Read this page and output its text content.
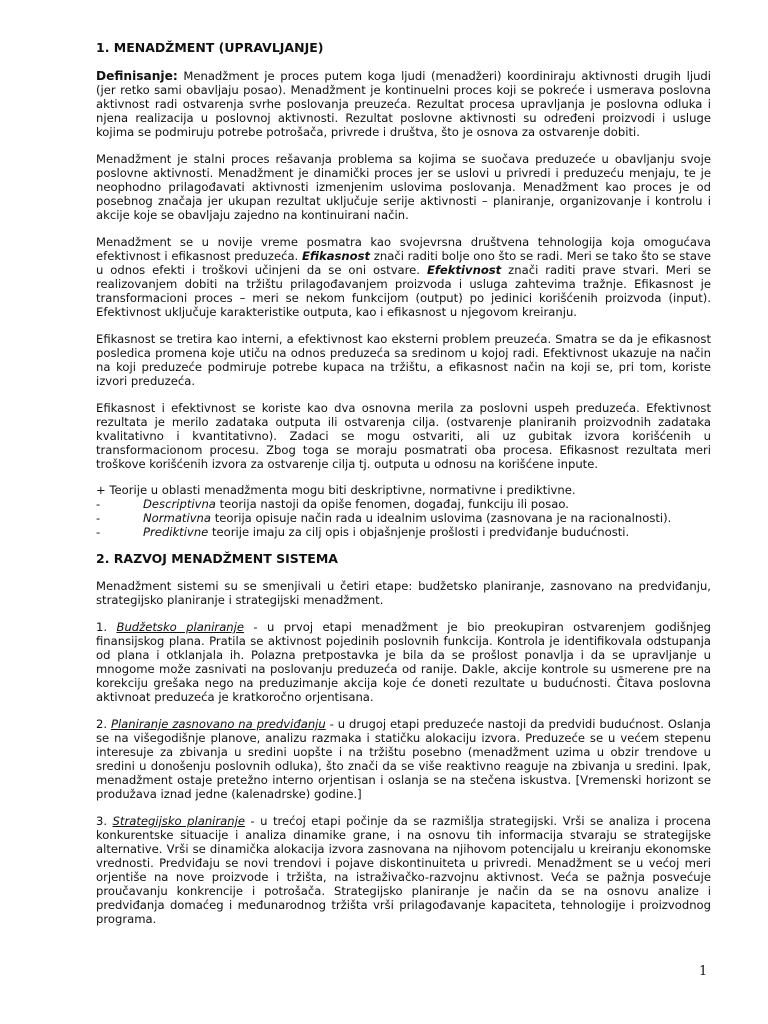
1. MENADŽMENT (UPRAVLJANJE)

Definisanje: Menadžment je proces putem koga ljudi (menadžeri) koordiniraju aktivnosti drugih ljudi (jer retko sami obavljaju posao). Menadžment je kontinuelni proces koji se pokreće i usmerava poslovna aktivnost radi ostvarenja svrhe poslovanja preuzeća. Rezultat procesa upravljanja je poslovna odluka i njena realizacija u poslovnoj aktivnosti. Rezultat poslovne aktivnosti su određeni proizvodi i usluge kojima se podmiruju potrebe potrošača, privrede i društva, što je osnova za ostvarenje dobiti.

Menadžment je stalni proces rešavanja problema sa kojima se suočava preduzeće u obavljanju svoje poslovne aktivnosti. Menadžment je dinamički proces jer se uslovi u privredi i preduzeću menjaju, te je neophodno prilagođavati aktivnosti izmenjenim uslovima poslovanja. Menadžment kao proces je od posebnog značaja jer ukupan rezultat uključuje serije aktivnosti – planiranje, organizovanje i kontrolu i akcije koje se obavljaju zajedno na kontinuirani način.

Menadžment se u novije vreme posmatra kao svojevrsna društvena tehnologija koja omogućava efektivnost i efikasnost preduzeća. Efikasnost znači raditi bolje ono što se radi. Meri se tako što se stave u odnos efekti i troškovi učinjeni da se oni ostvare. Efektivnost znači raditi prave stvari. Meri se realizovanjem dobiti na tržištu prilagođavanjem proizvoda i usluga zahtevima tražnje. Efikasnost je transformacioni proces – meri se nekom funkcijom (output) po jedinici korišćenih proizvoda (input). Efektivnost uključuje karakteristike outputa, kao i efikasnost u njegovom kreiranju.

Efikasnost se tretira kao interni, a efektivnost kao eksterni problem preuzeća. Smatra se da je efikasnost posledica promena koje utiču na odnos preduzeća sa sredinom u kojoj radi. Efektivnost ukazuje na način na koji preduzeće podmiruje potrebe kupaca na tržištu, a efikasnost način na koji se, pri tom, koriste izvori preduzeća.

Efikasnost i efektivnost se koriste kao dva osnovna merila za poslovni uspeh preduzeća. Efektivnost rezultata je merilo zadataka outputa ili ostvarenja cilja. (ostvarenje planiranih proizvodnih zadataka kvalitativno i kvantitativno). Zadaci se mogu ostvariti, ali uz gubitak izvora korišćenih u transformacionom procesu. Zbog toga se moraju posmatrati oba procesa. Efikasnost rezultata meri troškove korišćenih izvora za ostvarenje cilja tj. outputa u odnosu na korišćene inpute.

+ Teorije u oblasti menadžmenta mogu biti deskriptivne, normativne i prediktivne.

-	Descriptivna teorija nastoji da opiše fenomen, događaj, funkciju ili posao.
-	Normativna teorija opisuje način rada u idealnim uslovima (zasnovana je na racionalnosti).
-	Prediktivne teorije imaju za cilj opis i objašnjenje prošlosti i predviđanje budućnosti.

2. RAZVOJ MENADŽMENT SISTEMA

Menadžment sistemi su se smenjivali u četiri etape: budžetsko planiranje, zasnovano na predviđanju, strategijsko planiranje i strategijski menadžment.

1. Budžetsko planiranje - u prvoj etapi menadžment je bio preokupiran ostvarenjem godišnjeg finansijskog plana. Pratila se aktivnost pojedinih poslovnih funkcija. Kontrola je identifikovala odstupanja od plana i otklanjala ih. Polazna pretpostavka je bila da se prošlost ponavlja i da se upravljanje u mnogome može zasnivati na poslovanju preduzeća od ranije. Dakle, akcije kontrole su usmerene pre na korekciju grešaka nego na preduzimanje akcija koje će doneti rezultate u budućnosti. Čitava poslovna aktivnoat preduzeća je kratkoročno orjentisana.

2. Planiranje zasnovano na predviđanju - u drugoj etapi preduzeće nastoji da predvidi budućnost. Oslanja se na višegodišnje planove, analizu razmaka i statičku alokaciju izvora. Preduzeće se u većem stepenu interesuje za zbivanja u sredini uopšte i na tržištu posebno (menadžment uzima u obzir trendove u sredini u donošenju poslovnih odluka), što znači da se više reaktivno reaguje na zbivanja u sredini. Ipak, menadžment ostaje pretežno interno orjentisan i oslanja se na stečena iskustva. [Vremenski horizont se produžava iznad jedne (kalenadrske) godine.]

3. Strategijsko planiranje - u trećoj etapi počinje da se razmišlja strategijski. Vrši se analiza i procena konkurentske situacije i analiza dinamike grane, i na osnovu tih informacija stvaraju se strategijske alternative. Vrši se dinamička alokacija izvora zasnovana na njihovom potencijalu u kreiranju ekonomske vrednosti. Predviđaju se novi trendovi i pojave diskontinuiteta u privredi. Menadžment se u većoj meri orjentiše na nove proizvode i tržišta, na istraživačko-razvojnu aktivnost. Veća se pažnja posvećuje proučavanju konkrencije i potrošača. Strategijsko planiranje je način da se na osnovu analize i predviđanja domaćeg i međunarodnog tržišta vrši prilagođavanje kapaciteta, tehnologije i proizvodnog programa.

1
